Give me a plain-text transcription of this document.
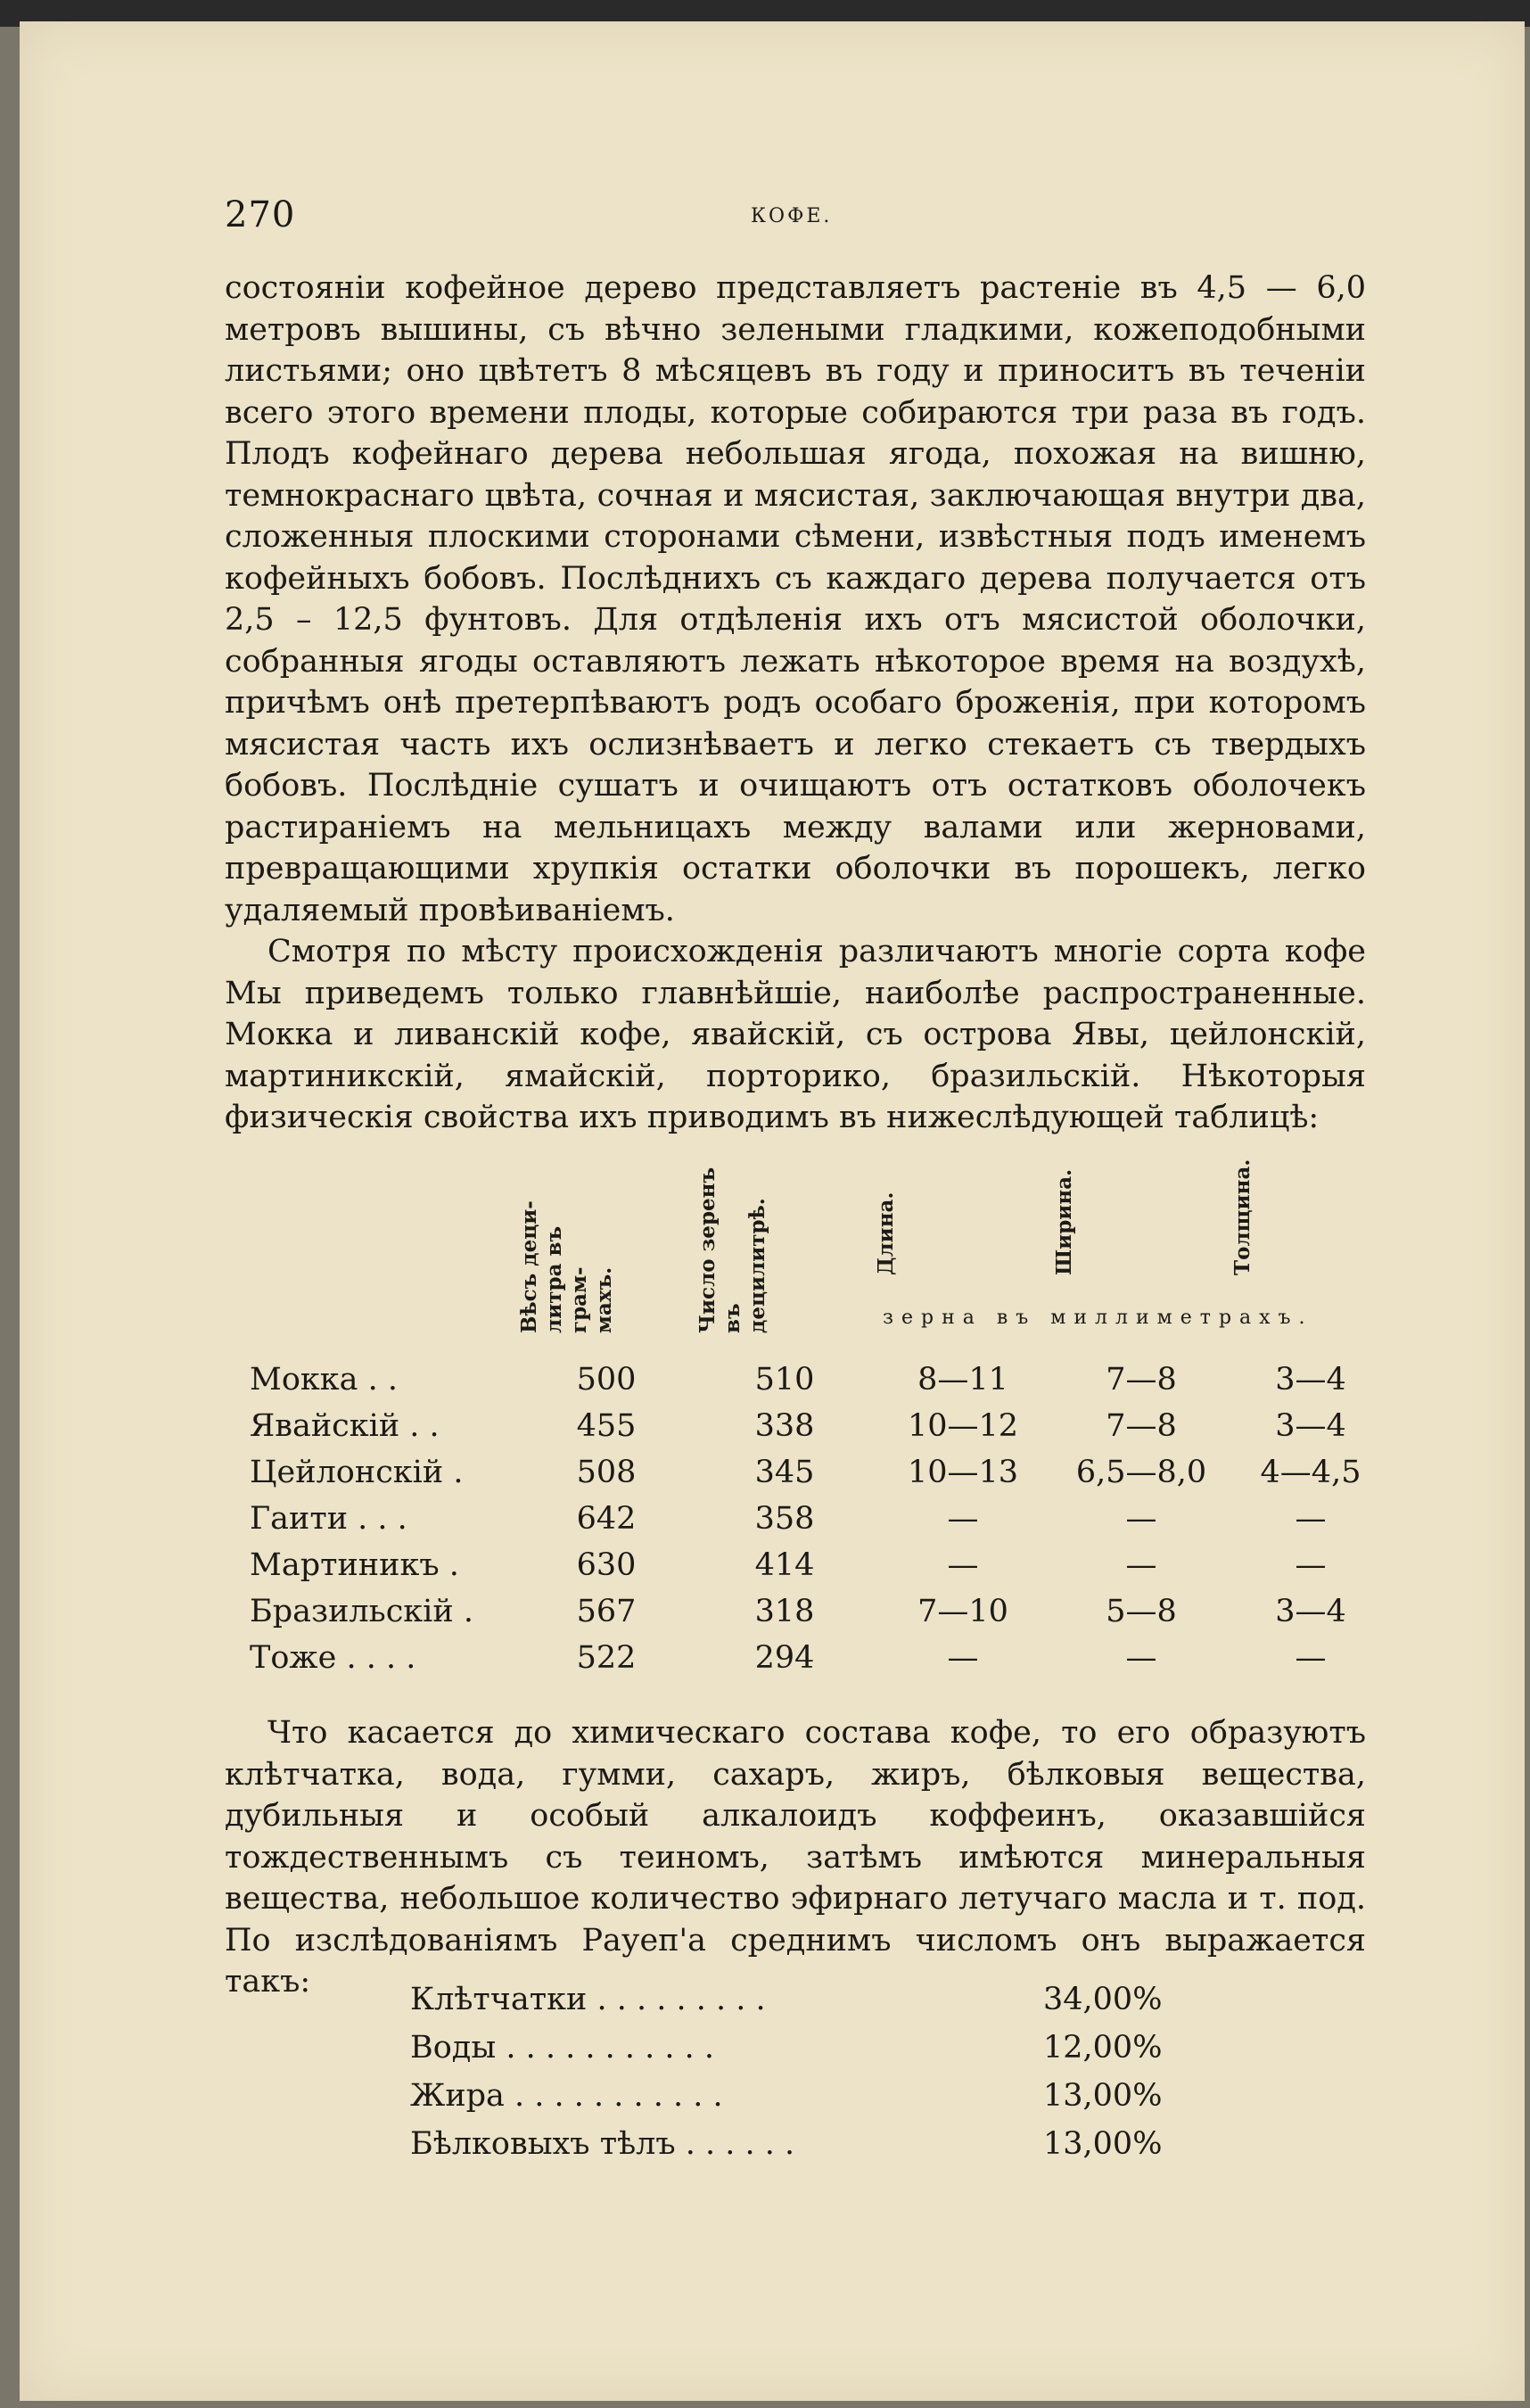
270	КОФЕ.

состояніи кофейное дерево представляетъ растеніе въ 4,5 — 6,0 метровъ вышины, съ вѣчно зелеными гладкими, кожеподобными листьями; оно цвѣтетъ 8 мѣсяцевъ въ году и приноситъ въ теченіи всего этого времени плоды, которые собираются три раза въ годъ. Плодъ кофейнаго дерева небольшая ягода, похожая на вишню, темнокраснаго цвѣта, сочная и мясистая, заключающая внутри два, сложенныя плоскими сторонами сѣмени, извѣстныя подъ именемъ кофейныхъ бобовъ. Послѣднихъ съ каждаго дерева получается отъ 2,5 – 12,5 фунтовъ. Для отдѣленія ихъ отъ мясистой оболочки, собранныя ягоды оставляютъ лежать нѣкоторое время на воздухѣ, причѣмъ онѣ претерпѣваютъ родъ особаго броженія, при которомъ мясистая часть ихъ ослизнѣваетъ и легко стекаетъ съ твердыхъ бобовъ. Послѣдніе сушатъ и очищаютъ отъ остатковъ оболочекъ растираніемъ на мельницахъ между валами или жерновами, превращающими хрупкія остатки оболочки въ порошекъ, легко удаляемый провѣиваніемъ.

Смотря по мѣсту происхожденія различаютъ многіе сорта кофе Мы приведемъ только главнѣйшіе, наиболѣе распространенные. Мокка и ливанскій кофе, явайскій, съ острова Явы, цейлонскій, мартиникскій, ямайскій, порторико, бразильскій. Нѣкоторыя физическія свойства ихъ приводимъ въ нижеслѣдующей таблицѣ:

	Вѣсъ деци-
литра въ грам-
махъ.	Число зеренъ
въ децилитрѣ.	Длина.	Ширина.	Толщина.

Мокка . .	500	510	8—11	7—8	3—4
Явайскій . .	455	338	10—12	7—8	3—4
Цейлонскій .	508	345	10—13	6,5—8,0	4—4,5
Гаити . . .	642	358	—	—	—
Мартиникъ .	630	414	—	—	—
Бразильскій .	567	318	7—10	5—8	3—4
Тоже . . . .	522	294	—	—	—
зерна въ миллиметрахъ.

Что касается до химическаго состава кофе, то его образуютъ клѣтчатка, вода, гумми, сахаръ, жиръ, бѣлковыя вещества, дубильныя и особый алкалоидъ коффеинъ, оказавшійся тождественнымъ съ теиномъ, затѣмъ имѣются минеральныя вещества, небольшое количество эфирнаго летучаго масла и т. под. По изслѣдованіямъ Рауеп'а среднимъ числомъ онъ выражается такъ:	Клѣтчатки . . . . . . . . .	34,00%
Воды . . . . . . . . . . .	12,00%
Жира . . . . . . . . . . .	13,00%
Бѣлковыхъ тѣлъ . . . . . .	13,00%
